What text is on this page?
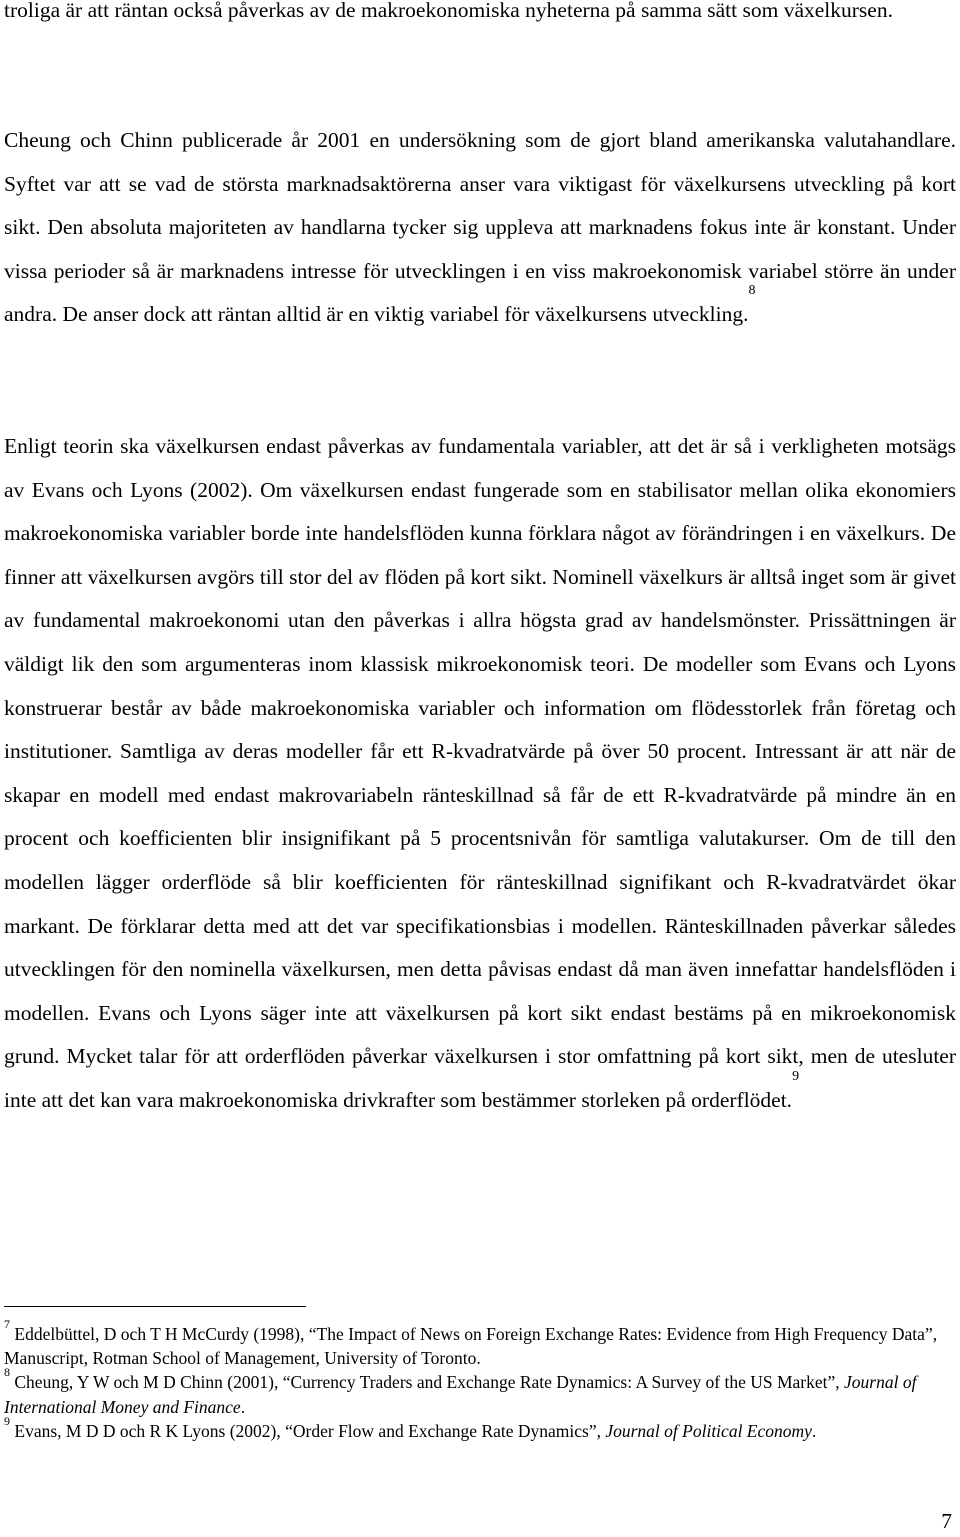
troliga är att räntan också påverkas av de makroekonomiska nyheterna på samma sätt som växelkursen.

Cheung och Chinn publicerade år 2001 en undersökning som de gjort bland amerikanska valutahandlare. Syftet var att se vad de största marknadsaktörerna anser vara viktigast för växelkursens utveckling på kort sikt. Den absoluta majoriteten av handlarna tycker sig uppleva att marknadens fokus inte är konstant. Under vissa perioder så är marknadens intresse för utvecklingen i en viss makroekonomisk variabel större än under andra. De anser dock att räntan alltid är en viktig variabel för växelkursens utveckling.$^8$

Enligt teorin ska växelkursen endast påverkas av fundamentala variabler, att det är så i verkligheten motsägs av Evans och Lyons (2002). Om växelkursen endast fungerade som en stabilisator mellan olika ekonomiers makroekonomiska variabler borde inte handelsflöden kunna förklara något av förändringen i en växelkurs. De finner att växelkursen avgörs till stor del av flöden på kort sikt. Nominell växelkurs är alltså inget som är givet av fundamental makroekonomi utan den påverkas i allra högsta grad av handelsmönster. Prissättningen är väldigt lik den som argumenteras inom klassisk mikroekonomisk teori. De modeller som Evans och Lyons konstruerar består av både makroekonomiska variabler och information om flödesstorlek från företag och institutioner. Samtliga av deras modeller får ett R-kvadratvärde på över 50 procent. Intressant är att när de skapar en modell med endast makrovariabeln ränteskillnad så får de ett R-kvadratvärde på mindre än en procent och koefficienten blir insignifikant på 5 procentsnivån för samtliga valutakurser. Om de till den modellen lägger orderflöde så blir koefficienten för ränteskillnad signifikant och R-kvadratvärdet ökar markant. De förklarar detta med att det var specifikationsbias i modellen. Ränteskillnaden påverkar således utvecklingen för den nominella växelkursen, men detta påvisas endast då man även innefattar handelsflöden i modellen. Evans och Lyons säger inte att växelkursen på kort sikt endast bestäms på en mikroekonomisk grund. Mycket talar för att orderflöden påverkar växelkursen i stor omfattning på kort sikt, men de utesluter inte att det kan vara makroekonomiska drivkrafter som bestämmer storleken på orderflödet.$^9$

$^7$ Eddelbüttel, D och T H McCurdy (1998), “The Impact of News on Foreign Exchange Rates: Evidence from High Frequency Data”, Manuscript, Rotman School of Management, University of Toronto.

$^8$ Cheung, Y W och M D Chinn (2001), “Currency Traders and Exchange Rate Dynamics: A Survey of the US Market”, Journal of International Money and Finance.

$^9$ Evans, M D D och R K Lyons (2002), “Order Flow and Exchange Rate Dynamics”, Journal of Political Economy.

7
